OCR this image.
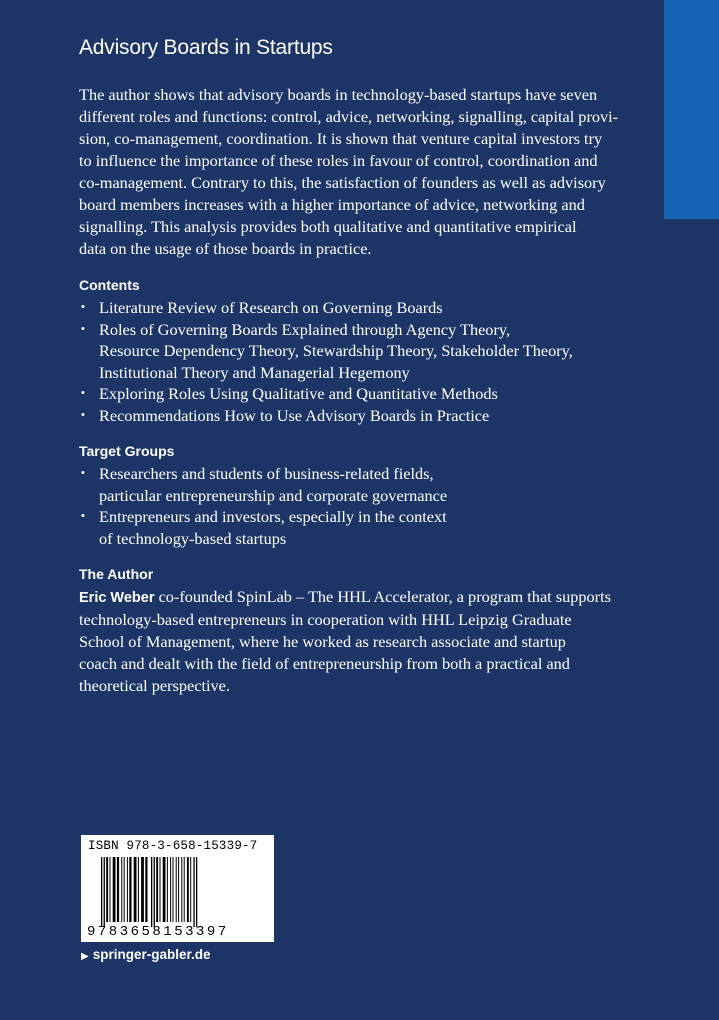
Advisory Boards in Startups

The author shows that advisory boards in technology-based startups have seven
different roles and functions: control, advice, networking, signalling, capital provi-
sion, co-management, coordination. It is shown that venture capital investors try
to influence the importance of these roles in favour of control, coordination and
co-management. Contrary to this, the satisfaction of founders as well as advisory
board members increases with a higher importance of advice, networking and
signalling. This analysis provides both qualitative and quantitative empirical
data on the usage of those boards in practice.

Contents
• Literature Review of Research on Governing Boards
• Roles of Governing Boards Explained through Agency Theory,
Resource Dependency Theory, Stewardship Theory, Stakeholder Theory,
Institutional Theory and Managerial Hegemony
• Exploring Roles Using Qualitative and Quantitative Methods
• Recommendations How to Use Advisory Boards in Practice
Target Groups
• Researchers and students of business-related fields,
particular entrepreneurship and corporate governance
• Entrepreneurs and investors, especially in the context
of technology-based startups
The Author

Eric Weber co-founded SpinLab – The HHL Accelerator, a program that supports
technology-based entrepreneurs in cooperation with HHL Leipzig Graduate
School of Management, where he worked as research associate and startup
coach and dealt with the field of entrepreneurship from both a practical and
theoretical perspective.

ISBN 978-3-658-15339-7
9783658153397
▶ springer-gabler.de
